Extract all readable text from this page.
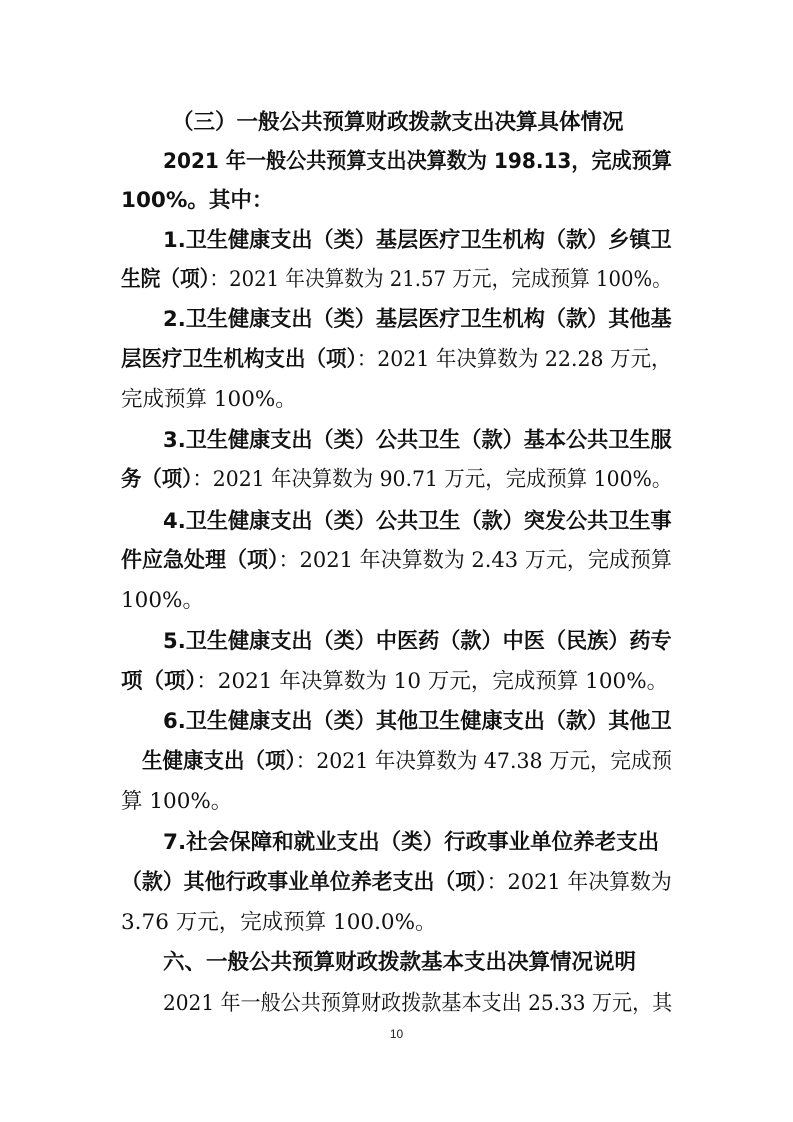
（三）一般公共预算财政拨款支出决算具体情况
2021 年一般公共预算支出决算数为 198.13，完成预算
100%。其中：
1.卫生健康支出（类）基层医疗卫生机构（款）乡镇卫
生院（项）：2021 年决算数为 21.57 万元，完成预算 100%。
2.卫生健康支出（类）基层医疗卫生机构（款）其他基
层医疗卫生机构支出（项）：2021 年决算数为 22.28 万元，
完成预算 100%。
3.卫生健康支出（类）公共卫生（款）基本公共卫生服
务（项）：2021 年决算数为 90.71 万元，完成预算 100%。
4.卫生健康支出（类）公共卫生（款）突发公共卫生事
件应急处理（项）：2021 年决算数为 2.43 万元，完成预算
100%。
5.卫生健康支出（类）中医药（款）中医（民族）药专
项（项）：2021 年决算数为 10 万元，完成预算 100%。
6.卫生健康支出（类）其他卫生健康支出（款）其他卫
生健康支出（项）：2021 年决算数为 47.38 万元，完成预
算 100%。
7.社会保障和就业支出（类）行政事业单位养老支出
（款）其他行政事业单位养老支出（项）：2021 年决算数为
3.76 万元，完成预算 100.0%。
六、一般公共预算财政拨款基本支出决算情况说明
2021 年一般公共预算财政拨款基本支出 25.33 万元，其
10
